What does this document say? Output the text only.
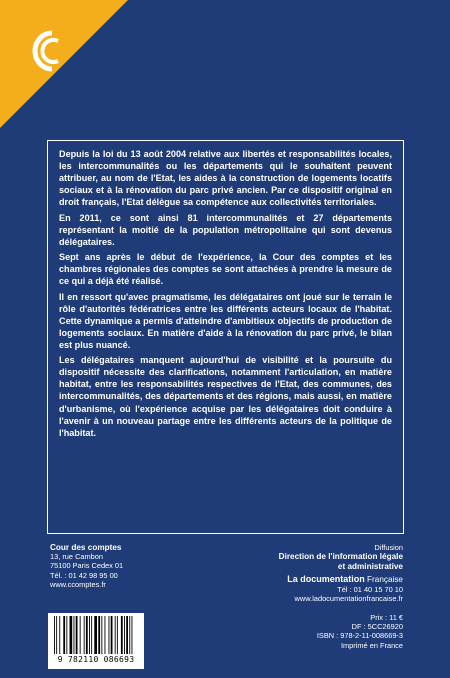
Depuis la loi du 13 août 2004 relative aux libertés et responsabilités locales, les intercommunalités ou les départements qui le souhaitent peuvent attribuer, au nom de l'Etat, les aides à la construction de logements locatifs sociaux et à la rénovation du parc privé ancien. Par ce dispositif original en droit français, l'Etat délègue sa compétence aux collectivités territoriales.

En 2011, ce sont ainsi 81 intercommunalités et 27 départements représentant la moitié de la population métropolitaine qui sont devenus délégataires.

Sept ans après le début de l'expérience, la Cour des comptes et les chambres régionales des comptes se sont attachées à prendre la mesure de ce qui a déjà été réalisé.

Il en ressort qu'avec pragmatisme, les délégataires ont joué sur le terrain le rôle d'autorités fédératrices entre les différents acteurs locaux de l'habitat. Cette dynamique a permis d'atteindre d'ambitieux objectifs de production de logements sociaux. En matière d'aide à la rénovation du parc privé, le bilan est plus nuancé.

Les délégataires manquent aujourd'hui de visibilité et la poursuite du dispositif nécessite des clarifications, notamment l'articulation, en matière habitat, entre les responsabilités respectives de l'Etat, des communes, des intercommunalités, des départements et des régions, mais aussi, en matière d'urbanisme, où l'expérience acquise par les délégataires doit conduire à l'avenir à un nouveau partage entre les différents acteurs de la politique de l'habitat.

Cour des comptes
13, rue Cambon
75100 Paris Cedex 01
Tél. : 01 42 98 95 00
www.ccomptes.fr
Diffusion
Direction de l'information légale
et administrative
La documentation Française
Tél : 01 40 15 70 10
www.ladocumentationfrancaise.fr
Prix : 11 €
DF : 5CC26920
ISBN : 978-2-11-008669-3
Imprimé en France
9 782110 086693
